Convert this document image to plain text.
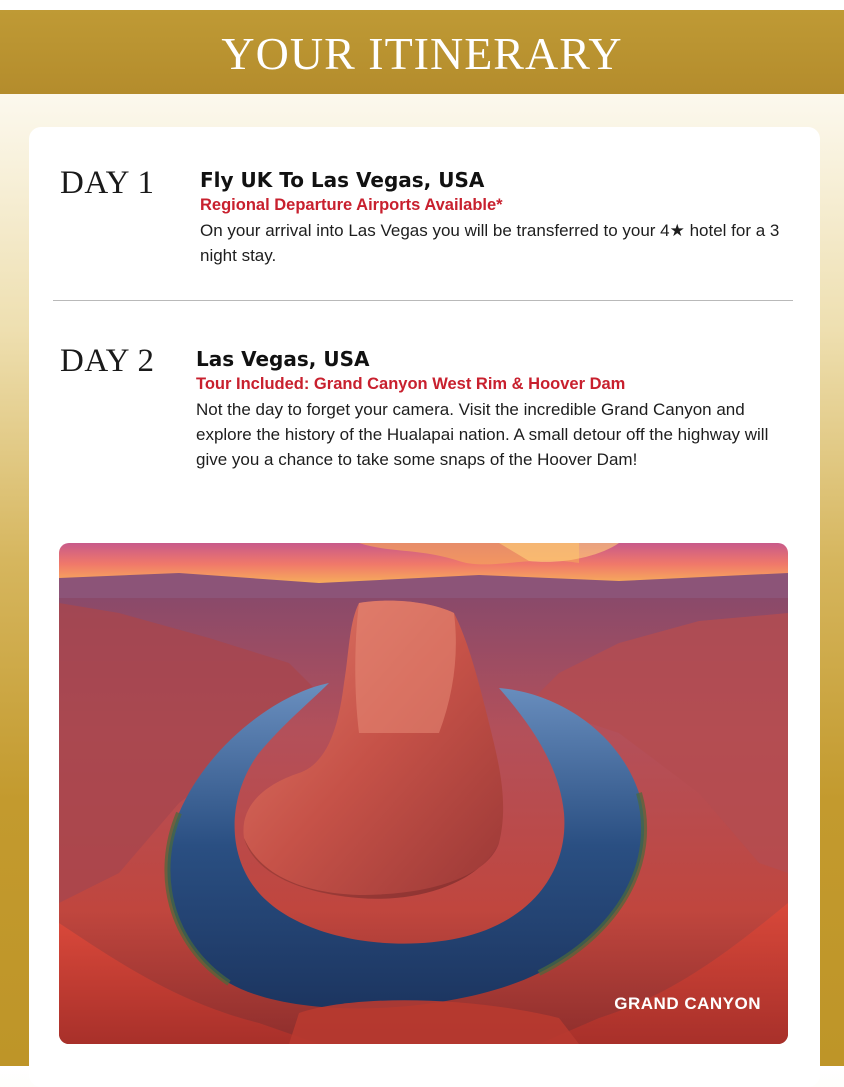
YOUR ITINERARY
DAY 1 Fly UK To Las Vegas, USA
Regional Departure Airports Available*
On your arrival into Las Vegas you will be transferred to your 4★ hotel for a 3 night stay.
DAY 2 Las Vegas, USA
Tour Included: Grand Canyon West Rim & Hoover Dam
Not the day to forget your camera. Visit the incredible Grand Canyon and explore the history of the Hualapai nation. A small detour off the highway will give you a chance to take some snaps of the Hoover Dam!
GRAND CANYON
